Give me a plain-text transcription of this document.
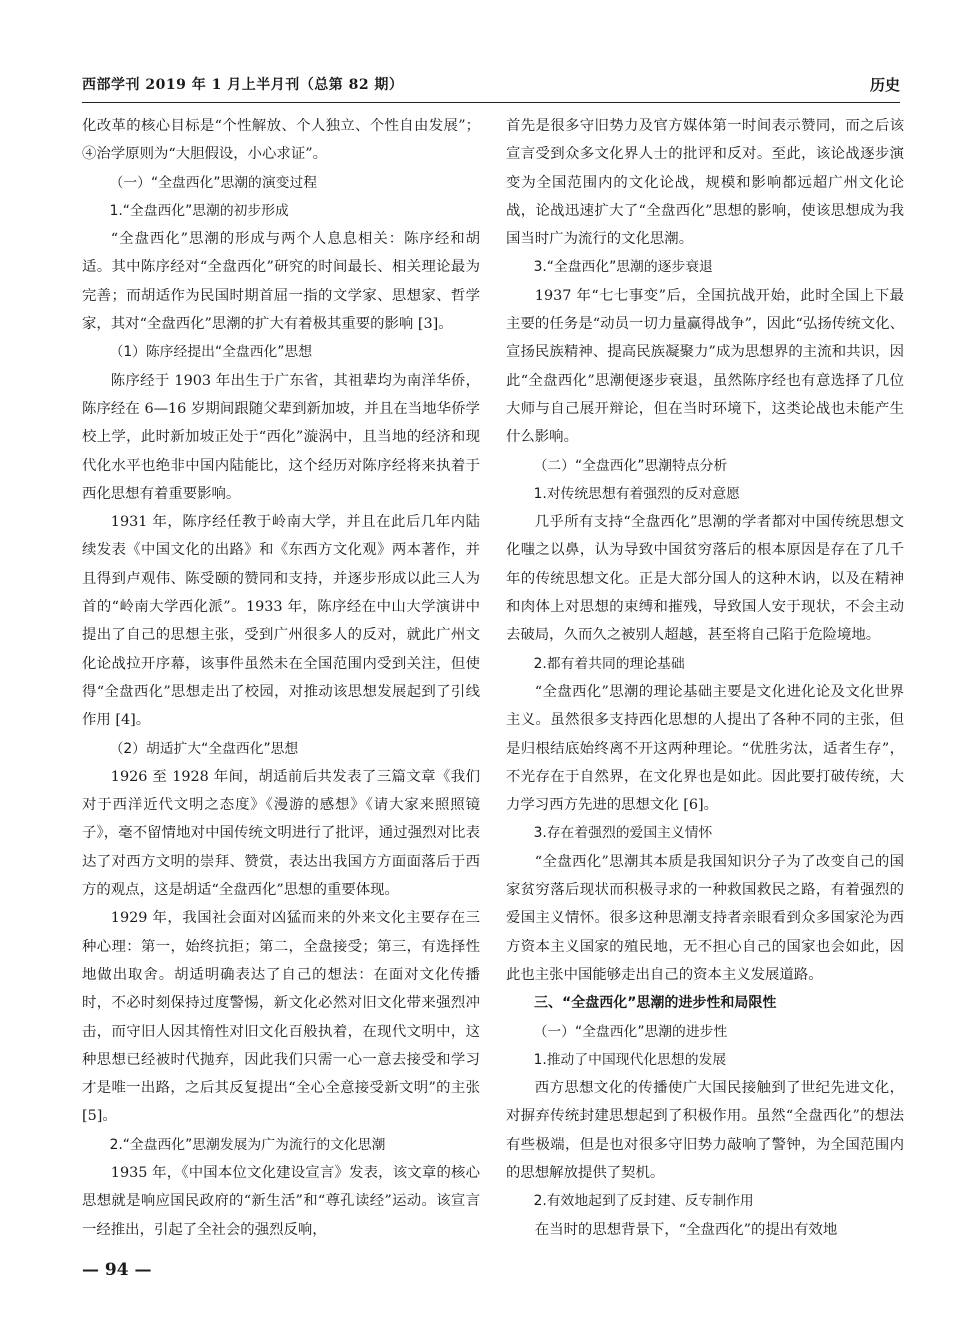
西部学刊 2019 年 1 月上半月刊（总第 82 期）	历史

化改革的核心目标是“个性解放、个人独立、个性自由发展”；④治学原则为“大胆假设，小心求证”。

（一）“全盘西化”思潮的演变过程

1.“全盘西化”思潮的初步形成

“全盘西化”思潮的形成与两个人息息相关：陈序经和胡适。其中陈序经对“全盘西化”研究的时间最长、相关理论最为完善；而胡适作为民国时期首屈一指的文学家、思想家、哲学家，其对“全盘西化”思潮的扩大有着极其重要的影响 [3]。

（1）陈序经提出“全盘西化”思想

陈序经于 1903 年出生于广东省，其祖辈均为南洋华侨，陈序经在 6—16 岁期间跟随父辈到新加坡，并且在当地华侨学校上学，此时新加坡正处于“西化”漩涡中，且当地的经济和现代化水平也绝非中国内陆能比，这个经历对陈序经将来执着于西化思想有着重要影响。

1931 年，陈序经任教于岭南大学，并且在此后几年内陆续发表《中国文化的出路》和《东西方文化观》两本著作，并且得到卢观伟、陈受颐的赞同和支持，并逐步形成以此三人为首的“岭南大学西化派”。1933 年，陈序经在中山大学演讲中提出了自己的思想主张，受到广州很多人的反对，就此广州文化论战拉开序幕，该事件虽然未在全国范围内受到关注，但使得“全盘西化”思想走出了校园，对推动该思想发展起到了引线作用 [4]。

（2）胡适扩大“全盘西化”思想

1926 至 1928 年间，胡适前后共发表了三篇文章《我们对于西洋近代文明之态度》《漫游的感想》《请大家来照照镜子》，毫不留情地对中国传统文明进行了批评，通过强烈对比表达了对西方文明的崇拜、赞赏，表达出我国方方面面落后于西方的观点，这是胡适“全盘西化”思想的重要体现。

1929 年，我国社会面对凶猛而来的外来文化主要存在三种心理：第一，始终抗拒；第二，全盘接受；第三，有选择性地做出取舍。胡适明确表达了自己的想法：在面对文化传播时，不必时刻保持过度警惕，新文化必然对旧文化带来强烈冲击，而守旧人因其惰性对旧文化百般执着，在现代文明中，这种思想已经被时代抛弃，因此我们只需一心一意去接受和学习才是唯一出路，之后其反复提出“全心全意接受新文明”的主张 [5]。

2.“全盘西化”思潮发展为广为流行的文化思潮

1935 年，《中国本位文化建设宣言》发表，该文章的核心思想就是响应国民政府的“新生活”和“尊孔读经”运动。该宣言一经推出，引起了全社会的强烈反响，

首先是很多守旧势力及官方媒体第一时间表示赞同，而之后该宣言受到众多文化界人士的批评和反对。至此，该论战逐步演变为全国范围内的文化论战，规模和影响都远超广州文化论战，论战迅速扩大了“全盘西化”思想的影响，使该思想成为我国当时广为流行的文化思潮。

3.“全盘西化”思潮的逐步衰退

1937 年“七七事变”后，全国抗战开始，此时全国上下最主要的任务是“动员一切力量赢得战争”，因此“弘扬传统文化、宣扬民族精神、提高民族凝聚力”成为思想界的主流和共识，因此“全盘西化”思潮便逐步衰退，虽然陈序经也有意选择了几位大师与自己展开辩论，但在当时环境下，这类论战也未能产生什么影响。

（二）“全盘西化”思潮特点分析

1.对传统思想有着强烈的反对意愿

几乎所有支持“全盘西化”思潮的学者都对中国传统思想文化嗤之以鼻，认为导致中国贫穷落后的根本原因是存在了几千年的传统思想文化。正是大部分国人的这种木讷，以及在精神和肉体上对思想的束缚和摧残，导致国人安于现状，不会主动去破局，久而久之被别人超越，甚至将自己陷于危险境地。

2.都有着共同的理论基础

“全盘西化”思潮的理论基础主要是文化进化论及文化世界主义。虽然很多支持西化思想的人提出了各种不同的主张，但是归根结底始终离不开这两种理论。“优胜劣汰，适者生存”，不光存在于自然界，在文化界也是如此。因此要打破传统，大力学习西方先进的思想文化 [6]。

3.存在着强烈的爱国主义情怀

“全盘西化”思潮其本质是我国知识分子为了改变自己的国家贫穷落后现状而积极寻求的一种救国救民之路，有着强烈的爱国主义情怀。很多这种思潮支持者亲眼看到众多国家沦为西方资本主义国家的殖民地，无不担心自己的国家也会如此，因此也主张中国能够走出自己的资本主义发展道路。

三、“全盘西化”思潮的进步性和局限性

（一）“全盘西化”思潮的进步性

1.推动了中国现代化思想的发展

西方思想文化的传播使广大国民接触到了世纪先进文化，对摒弃传统封建思想起到了积极作用。虽然“全盘西化”的想法有些极端，但是也对很多守旧势力敲响了警钟，为全国范围内的思想解放提供了契机。

2.有效地起到了反封建、反专制作用

在当时的思想背景下，“全盘西化”的提出有效地

— 94 —
